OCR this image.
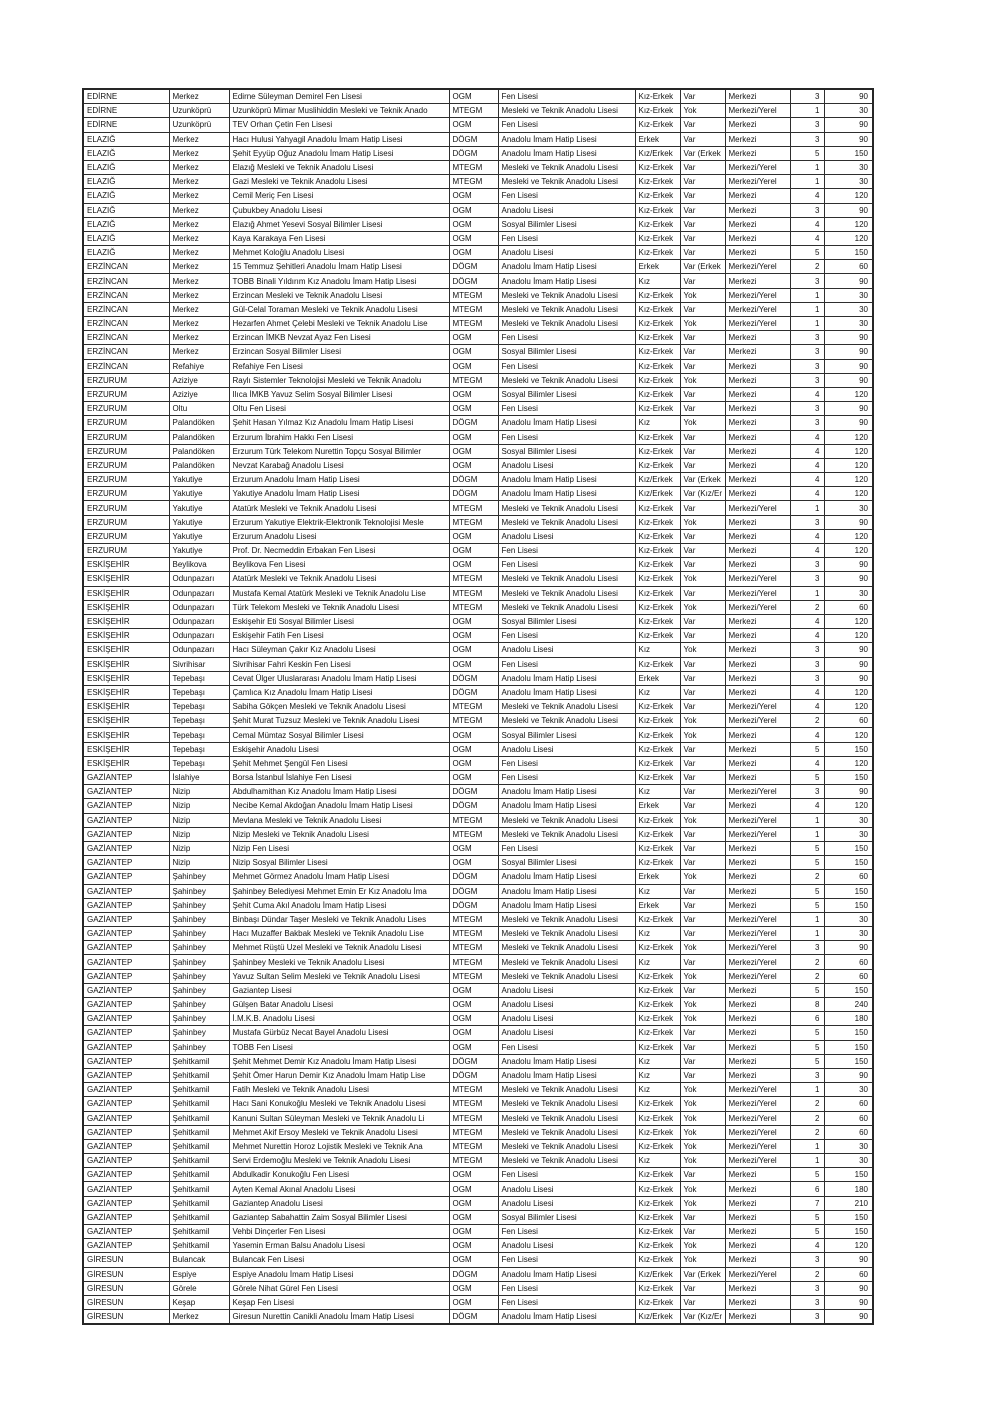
EDİRNE	Merkez	Edirne Süleyman Demirel Fen Lisesi	OGM	Fen Lisesi	Kız-Erkek	Var	Merkezi	3	90
EDİRNE	Uzunköprü	Uzunköprü Mimar Muslihiddin Mesleki ve Teknik Anado	MTEGM	Mesleki ve Teknik Anadolu Lisesi	Kız-Erkek	Yok	Merkezi/Yerel	1	30
EDİRNE	Uzunköprü	TEV Orhan Çetin Fen Lisesi	OGM	Fen Lisesi	Kız-Erkek	Var	Merkezi	3	90
ELAZIĞ	Merkez	Hacı Hulusi Yahyagil Anadolu İmam Hatip Lisesi	DÖGM	Anadolu İmam Hatip Lisesi	Erkek	Var	Merkezi	3	90
ELAZIĞ	Merkez	Şehit Eyyüp Oğuz Anadolu İmam Hatip Lisesi	DÖGM	Anadolu İmam Hatip Lisesi	Kız/Erkek	Var (Erkek	Merkezi	5	150
ELAZIĞ	Merkez	Elazığ Mesleki ve Teknik Anadolu Lisesi	MTEGM	Mesleki ve Teknik Anadolu Lisesi	Kız-Erkek	Var	Merkezi/Yerel	1	30
ELAZIĞ	Merkez	Gazi Mesleki ve Teknik Anadolu Lisesi	MTEGM	Mesleki ve Teknik Anadolu Lisesi	Kız-Erkek	Var	Merkezi/Yerel	1	30
ELAZIĞ	Merkez	Cemil Meriç Fen Lisesi	OGM	Fen Lisesi	Kız-Erkek	Var	Merkezi	4	120
ELAZIĞ	Merkez	Çubukbey Anadolu Lisesi	OGM	Anadolu Lisesi	Kız-Erkek	Var	Merkezi	3	90
ELAZIĞ	Merkez	Elazığ Ahmet Yesevi Sosyal Bilimler Lisesi	OGM	Sosyal Bilimler Lisesi	Kız-Erkek	Var	Merkezi	4	120
ELAZIĞ	Merkez	Kaya Karakaya Fen Lisesi	OGM	Fen Lisesi	Kız-Erkek	Var	Merkezi	4	120
ELAZIĞ	Merkez	Mehmet Koloğlu Anadolu Lisesi	OGM	Anadolu Lisesi	Kız-Erkek	Var	Merkezi	5	150
ERZİNCAN	Merkez	15 Temmuz Şehitleri Anadolu İmam Hatip Lisesi	DÖGM	Anadolu İmam Hatip Lisesi	Erkek	Var (Erkek	Merkezi/Yerel	2	60
ERZİNCAN	Merkez	TOBB Binali Yıldırım Kız Anadolu İmam Hatip Lisesi	DÖGM	Anadolu İmam Hatip Lisesi	Kız	Var	Merkezi	3	90
ERZİNCAN	Merkez	Erzincan Mesleki ve Teknik Anadolu Lisesi	MTEGM	Mesleki ve Teknik Anadolu Lisesi	Kız-Erkek	Yok	Merkezi/Yerel	1	30
ERZİNCAN	Merkez	Gül-Celal Toraman Mesleki ve Teknik Anadolu Lisesi	MTEGM	Mesleki ve Teknik Anadolu Lisesi	Kız-Erkek	Var	Merkezi/Yerel	1	30
ERZİNCAN	Merkez	Hezarfen Ahmet Çelebi Mesleki ve Teknik Anadolu Lise	MTEGM	Mesleki ve Teknik Anadolu Lisesi	Kız-Erkek	Yok	Merkezi/Yerel	1	30
ERZİNCAN	Merkez	Erzincan İMKB Nevzat Ayaz Fen Lisesi	OGM	Fen Lisesi	Kız-Erkek	Var	Merkezi	3	90
ERZİNCAN	Merkez	Erzincan Sosyal Bilimler Lisesi	OGM	Sosyal Bilimler Lisesi	Kız-Erkek	Var	Merkezi	3	90
ERZİNCAN	Refahiye	Refahiye Fen Lisesi	OGM	Fen Lisesi	Kız-Erkek	Var	Merkezi	3	90
ERZURUM	Aziziye	Raylı Sistemler Teknolojisi Mesleki ve Teknik Anadolu	MTEGM	Mesleki ve Teknik Anadolu Lisesi	Kız-Erkek	Yok	Merkezi	3	90
ERZURUM	Aziziye	Ilıca İMKB Yavuz Selim Sosyal Bilimler Lisesi	OGM	Sosyal Bilimler Lisesi	Kız-Erkek	Var	Merkezi	4	120
ERZURUM	Oltu	Oltu Fen Lisesi	OGM	Fen Lisesi	Kız-Erkek	Var	Merkezi	3	90
ERZURUM	Palandöken	Şehit Hasan Yılmaz Kız Anadolu İmam Hatip Lisesi	DÖGM	Anadolu İmam Hatip Lisesi	Kız	Yok	Merkezi	3	90
ERZURUM	Palandöken	Erzurum İbrahim Hakkı Fen Lisesi	OGM	Fen Lisesi	Kız-Erkek	Var	Merkezi	4	120
ERZURUM	Palandöken	Erzurum Türk Telekom Nurettin Topçu Sosyal Bilimler	OGM	Sosyal Bilimler Lisesi	Kız-Erkek	Var	Merkezi	4	120
ERZURUM	Palandöken	Nevzat Karabağ Anadolu Lisesi	OGM	Anadolu Lisesi	Kız-Erkek	Var	Merkezi	4	120
ERZURUM	Yakutiye	Erzurum Anadolu İmam Hatip Lisesi	DÖGM	Anadolu İmam Hatip Lisesi	Kız/Erkek	Var (Erkek	Merkezi	4	120
ERZURUM	Yakutiye	Yakutiye Anadolu İmam Hatip Lisesi	DÖGM	Anadolu İmam Hatip Lisesi	Kız/Erkek	Var (Kız/Er	Merkezi	4	120
ERZURUM	Yakutiye	Atatürk Mesleki ve Teknik Anadolu Lisesi	MTEGM	Mesleki ve Teknik Anadolu Lisesi	Kız-Erkek	Var	Merkezi/Yerel	1	30
ERZURUM	Yakutiye	Erzurum Yakutiye Elektrik-Elektronik Teknolojisi Mesle	MTEGM	Mesleki ve Teknik Anadolu Lisesi	Kız-Erkek	Yok	Merkezi	3	90
ERZURUM	Yakutiye	Erzurum Anadolu Lisesi	OGM	Anadolu Lisesi	Kız-Erkek	Var	Merkezi	4	120
ERZURUM	Yakutiye	Prof. Dr. Necmeddin Erbakan Fen Lisesi	OGM	Fen Lisesi	Kız-Erkek	Var	Merkezi	4	120
ESKİŞEHİR	Beylikova	Beylikova Fen Lisesi	OGM	Fen Lisesi	Kız-Erkek	Var	Merkezi	3	90
ESKİŞEHİR	Odunpazarı	Atatürk Mesleki ve Teknik Anadolu Lisesi	MTEGM	Mesleki ve Teknik Anadolu Lisesi	Kız-Erkek	Yok	Merkezi/Yerel	3	90
ESKİŞEHİR	Odunpazarı	Mustafa Kemal Atatürk Mesleki ve Teknik Anadolu Lise	MTEGM	Mesleki ve Teknik Anadolu Lisesi	Kız-Erkek	Var	Merkezi/Yerel	1	30
ESKİŞEHİR	Odunpazarı	Türk Telekom Mesleki ve Teknik Anadolu Lisesi	MTEGM	Mesleki ve Teknik Anadolu Lisesi	Kız-Erkek	Yok	Merkezi/Yerel	2	60
ESKİŞEHİR	Odunpazarı	Eskişehir Eti Sosyal Bilimler Lisesi	OGM	Sosyal Bilimler Lisesi	Kız-Erkek	Var	Merkezi	4	120
ESKİŞEHİR	Odunpazarı	Eskişehir Fatih Fen Lisesi	OGM	Fen Lisesi	Kız-Erkek	Var	Merkezi	4	120
ESKİŞEHİR	Odunpazarı	Hacı Süleyman Çakır Kız Anadolu Lisesi	OGM	Anadolu Lisesi	Kız	Yok	Merkezi	3	90
ESKİŞEHİR	Sivrihisar	Sivrihisar Fahri Keskin Fen Lisesi	OGM	Fen Lisesi	Kız-Erkek	Var	Merkezi	3	90
ESKİŞEHİR	Tepebaşı	Cevat Ülger Uluslararası Anadolu İmam Hatip Lisesi	DÖGM	Anadolu İmam Hatip Lisesi	Erkek	Var	Merkezi	3	90
ESKİŞEHİR	Tepebaşı	Çamlıca Kız Anadolu İmam Hatip Lisesi	DÖGM	Anadolu İmam Hatip Lisesi	Kız	Var	Merkezi	4	120
ESKİŞEHİR	Tepebaşı	Sabiha Gökçen Mesleki ve Teknik Anadolu Lisesi	MTEGM	Mesleki ve Teknik Anadolu Lisesi	Kız-Erkek	Var	Merkezi/Yerel	4	120
ESKİŞEHİR	Tepebaşı	Şehit Murat Tuzsuz Mesleki ve Teknik Anadolu Lisesi	MTEGM	Mesleki ve Teknik Anadolu Lisesi	Kız-Erkek	Yok	Merkezi/Yerel	2	60
ESKİŞEHİR	Tepebaşı	Cemal Mümtaz Sosyal Bilimler Lisesi	OGM	Sosyal Bilimler Lisesi	Kız-Erkek	Yok	Merkezi	4	120
ESKİŞEHİR	Tepebaşı	Eskişehir Anadolu Lisesi	OGM	Anadolu Lisesi	Kız-Erkek	Var	Merkezi	5	150
ESKİŞEHİR	Tepebaşı	Şehit Mehmet Şengül Fen Lisesi	OGM	Fen Lisesi	Kız-Erkek	Var	Merkezi	4	120
GAZİANTEP	İslahiye	Borsa İstanbul İslahiye Fen Lisesi	OGM	Fen Lisesi	Kız-Erkek	Var	Merkezi	5	150
GAZİANTEP	Nizip	Abdulhamithan Kız Anadolu İmam Hatip Lisesi	DÖGM	Anadolu İmam Hatip Lisesi	Kız	Var	Merkezi/Yerel	3	90
GAZİANTEP	Nizip	Necibe Kemal Akdoğan Anadolu İmam Hatip Lisesi	DÖGM	Anadolu İmam Hatip Lisesi	Erkek	Var	Merkezi	4	120
GAZİANTEP	Nizip	Mevlana Mesleki ve Teknik Anadolu Lisesi	MTEGM	Mesleki ve Teknik Anadolu Lisesi	Kız-Erkek	Yok	Merkezi/Yerel	1	30
GAZİANTEP	Nizip	Nizip Mesleki ve Teknik Anadolu Lisesi	MTEGM	Mesleki ve Teknik Anadolu Lisesi	Kız-Erkek	Var	Merkezi/Yerel	1	30
GAZİANTEP	Nizip	Nizip Fen Lisesi	OGM	Fen Lisesi	Kız-Erkek	Var	Merkezi	5	150
GAZİANTEP	Nizip	Nizip Sosyal Bilimler Lisesi	OGM	Sosyal Bilimler Lisesi	Kız-Erkek	Var	Merkezi	5	150
GAZİANTEP	Şahinbey	Mehmet Görmez Anadolu İmam Hatip Lisesi	DÖGM	Anadolu İmam Hatip Lisesi	Erkek	Yok	Merkezi	2	60
GAZİANTEP	Şahinbey	Şahinbey Belediyesi Mehmet Emin Er Kız Anadolu İma	DÖGM	Anadolu İmam Hatip Lisesi	Kız	Var	Merkezi	5	150
GAZİANTEP	Şahinbey	Şehit Cuma Akıl Anadolu İmam Hatip Lisesi	DÖGM	Anadolu İmam Hatip Lisesi	Erkek	Var	Merkezi	5	150
GAZİANTEP	Şahinbey	Binbaşı Dündar Taşer Mesleki ve Teknik Anadolu Lises	MTEGM	Mesleki ve Teknik Anadolu Lisesi	Kız-Erkek	Var	Merkezi/Yerel	1	30
GAZİANTEP	Şahinbey	Hacı Muzaffer Bakbak Mesleki ve Teknik Anadolu Lise	MTEGM	Mesleki ve Teknik Anadolu Lisesi	Kız	Var	Merkezi/Yerel	1	30
GAZİANTEP	Şahinbey	Mehmet Rüştü Uzel Mesleki ve Teknik Anadolu Lisesi	MTEGM	Mesleki ve Teknik Anadolu Lisesi	Kız-Erkek	Yok	Merkezi/Yerel	3	90
GAZİANTEP	Şahinbey	Şahinbey Mesleki ve Teknik Anadolu Lisesi	MTEGM	Mesleki ve Teknik Anadolu Lisesi	Kız	Var	Merkezi/Yerel	2	60
GAZİANTEP	Şahinbey	Yavuz Sultan Selim Mesleki ve Teknik Anadolu Lisesi	MTEGM	Mesleki ve Teknik Anadolu Lisesi	Kız-Erkek	Yok	Merkezi/Yerel	2	60
GAZİANTEP	Şahinbey	Gaziantep Lisesi	OGM	Anadolu Lisesi	Kız-Erkek	Var	Merkezi	5	150
GAZİANTEP	Şahinbey	Gülşen Batar Anadolu Lisesi	OGM	Anadolu Lisesi	Kız-Erkek	Yok	Merkezi	8	240
GAZİANTEP	Şahinbey	İ.M.K.B. Anadolu Lisesi	OGM	Anadolu Lisesi	Kız-Erkek	Yok	Merkezi	6	180
GAZİANTEP	Şahinbey	Mustafa Gürbüz Necat Bayel Anadolu Lisesi	OGM	Anadolu Lisesi	Kız-Erkek	Var	Merkezi	5	150
GAZİANTEP	Şahinbey	TOBB Fen Lisesi	OGM	Fen Lisesi	Kız-Erkek	Var	Merkezi	5	150
GAZİANTEP	Şehitkamil	Şehit Mehmet Demir Kız Anadolu İmam Hatip Lisesi	DÖGM	Anadolu İmam Hatip Lisesi	Kız	Var	Merkezi	5	150
GAZİANTEP	Şehitkamil	Şehit Ömer Harun Demir Kız Anadolu İmam Hatip Lise	DÖGM	Anadolu İmam Hatip Lisesi	Kız	Var	Merkezi	3	90
GAZİANTEP	Şehitkamil	Fatih Mesleki ve Teknik Anadolu Lisesi	MTEGM	Mesleki ve Teknik Anadolu Lisesi	Kız	Yok	Merkezi/Yerel	1	30
GAZİANTEP	Şehitkamil	Hacı Sani Konukoğlu Mesleki ve Teknik Anadolu Lisesi	MTEGM	Mesleki ve Teknik Anadolu Lisesi	Kız-Erkek	Yok	Merkezi/Yerel	2	60
GAZİANTEP	Şehitkamil	Kanuni Sultan Süleyman Mesleki ve Teknik Anadolu Li	MTEGM	Mesleki ve Teknik Anadolu Lisesi	Kız-Erkek	Yok	Merkezi/Yerel	2	60
GAZİANTEP	Şehitkamil	Mehmet Akif Ersoy Mesleki ve Teknik Anadolu Lisesi	MTEGM	Mesleki ve Teknik Anadolu Lisesi	Kız-Erkek	Yok	Merkezi/Yerel	2	60
GAZİANTEP	Şehitkamil	Mehmet Nurettin Horoz Lojistik Mesleki ve Teknik Ana	MTEGM	Mesleki ve Teknik Anadolu Lisesi	Kız-Erkek	Yok	Merkezi/Yerel	1	30
GAZİANTEP	Şehitkamil	Servi Erdemoğlu Mesleki ve Teknik Anadolu Lisesi	MTEGM	Mesleki ve Teknik Anadolu Lisesi	Kız	Yok	Merkezi/Yerel	1	30
GAZİANTEP	Şehitkamil	Abdulkadir Konukoğlu Fen Lisesi	OGM	Fen Lisesi	Kız-Erkek	Var	Merkezi	5	150
GAZİANTEP	Şehitkamil	Ayten Kemal Akınal Anadolu Lisesi	OGM	Anadolu Lisesi	Kız-Erkek	Yok	Merkezi	6	180
GAZİANTEP	Şehitkamil	Gaziantep Anadolu Lisesi	OGM	Anadolu Lisesi	Kız-Erkek	Yok	Merkezi	7	210
GAZİANTEP	Şehitkamil	Gaziantep Sabahattin Zaim Sosyal Bilimler Lisesi	OGM	Sosyal Bilimler Lisesi	Kız-Erkek	Var	Merkezi	5	150
GAZİANTEP	Şehitkamil	Vehbi Dinçerler Fen Lisesi	OGM	Fen Lisesi	Kız-Erkek	Var	Merkezi	5	150
GAZİANTEP	Şehitkamil	Yasemin Erman Balsu Anadolu Lisesi	OGM	Anadolu Lisesi	Kız-Erkek	Yok	Merkezi	4	120
GİRESUN	Bulancak	Bulancak Fen Lisesi	OGM	Fen Lisesi	Kız-Erkek	Yok	Merkezi	3	90
GİRESUN	Espiye	Espiye Anadolu İmam Hatip Lisesi	DÖGM	Anadolu İmam Hatip Lisesi	Kız/Erkek	Var (Erkek	Merkezi/Yerel	2	60
GİRESUN	Görele	Görele Nihat Gürel Fen Lisesi	OGM	Fen Lisesi	Kız-Erkek	Var	Merkezi	3	90
GİRESUN	Keşap	Keşap Fen Lisesi	OGM	Fen Lisesi	Kız-Erkek	Var	Merkezi	3	90
GİRESUN	Merkez	Giresun Nurettin Canikli Anadolu İmam Hatip Lisesi	DÖGM	Anadolu İmam Hatip Lisesi	Kız/Erkek	Var (Kız/Er	Merkezi	3	90
